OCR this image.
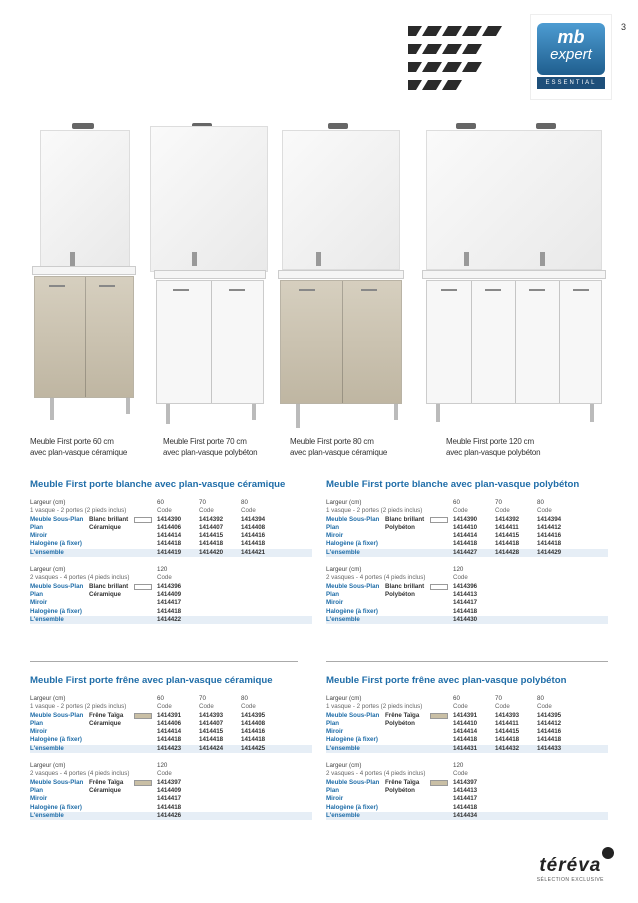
3
mb
expert
ESSENTIAL
Meuble First porte 60 cm
avec plan-vasque céramique
Meuble First porte 70 cm
avec plan-vasque polybéton
Meuble First porte 80 cm
avec plan-vasque céramique
Meuble First porte 120 cm
avec plan-vasque polybéton
Meuble First porte blanche avec plan-vasque céramique
Largeur (cm)	60	70	80
1 vasque - 2 portes (2 pieds inclus)	Code	Code	Code
Meuble Sous-Plan Blanc brillant	1414390	1414392	1414394
Plan	Céramique	1414406	1414407	1414408
Miroir	1414414	1414415	1414416
Halogène (à fixer)	1414418	1414418	1414418
L'ensemble	1414419	1414420	1414421
Largeur (cm)	120
2 vasques - 4 portes (4 pieds inclus)	Code
Meuble Sous-Plan Blanc brillant	1414396
Plan	Céramique	1414409
Miroir	1414417
Halogène (à fixer)	1414418
L'ensemble	1414422
Meuble First porte blanche avec plan-vasque polybéton
Largeur (cm)	60	70	80
1 vasque - 2 portes (2 pieds inclus)	Code	Code	Code
Meuble Sous-Plan Blanc brillant	1414390	1414392	1414394
Plan	Polybéton	1414410	1414411	1414412
Miroir	1414414	1414415	1414416
Halogène (à fixer)	1414418	1414418	1414418
L'ensemble	1414427	1414428	1414429
Largeur (cm)	120
2 vasques - 4 portes (4 pieds inclus)	Code
Meuble Sous-Plan Blanc brillant	1414396
Plan	Polybéton	1414413
Miroir	1414417
Halogène (à fixer)	1414418
L'ensemble	1414430
Meuble First porte frêne avec plan-vasque céramique
Largeur (cm)	60	70	80
1 vasque - 2 portes (2 pieds inclus)	Code	Code	Code
Meuble Sous-Plan Frêne Taïga	1414391	1414393	1414395
Plan	Céramique	1414406	1414407	1414408
Miroir	1414414	1414415	1414416
Halogène (à fixer)	1414418	1414418	1414418
L'ensemble	1414423	1414424	1414425
Largeur (cm)	120
2 vasques - 4 portes (4 pieds inclus)	Code
Meuble Sous-Plan Frêne Taïga	1414397
Plan	Céramique	1414409
Miroir	1414417
Halogène (à fixer)	1414418
L'ensemble	1414426
Meuble First porte frêne avec plan-vasque polybéton
Largeur (cm)	60	70	80
1 vasque - 2 portes (2 pieds inclus)	Code	Code	Code
Meuble Sous-Plan Frêne Taïga	1414391	1414393	1414395
Plan	Polybéton	1414410	1414411	1414412
Miroir	1414414	1414415	1414416
Halogène (à fixer)	1414418	1414418	1414418
L'ensemble	1414431	1414432	1414433
Largeur (cm)	120
2 vasques - 4 portes (4 pieds inclus)	Code
Meuble Sous-Plan Frêne Taïga	1414397
Plan	Polybéton	1414413
Miroir	1414417
Halogène (à fixer)	1414418
L'ensemble	1414434
téréva
SÉLECTION EXCLUSIVE
